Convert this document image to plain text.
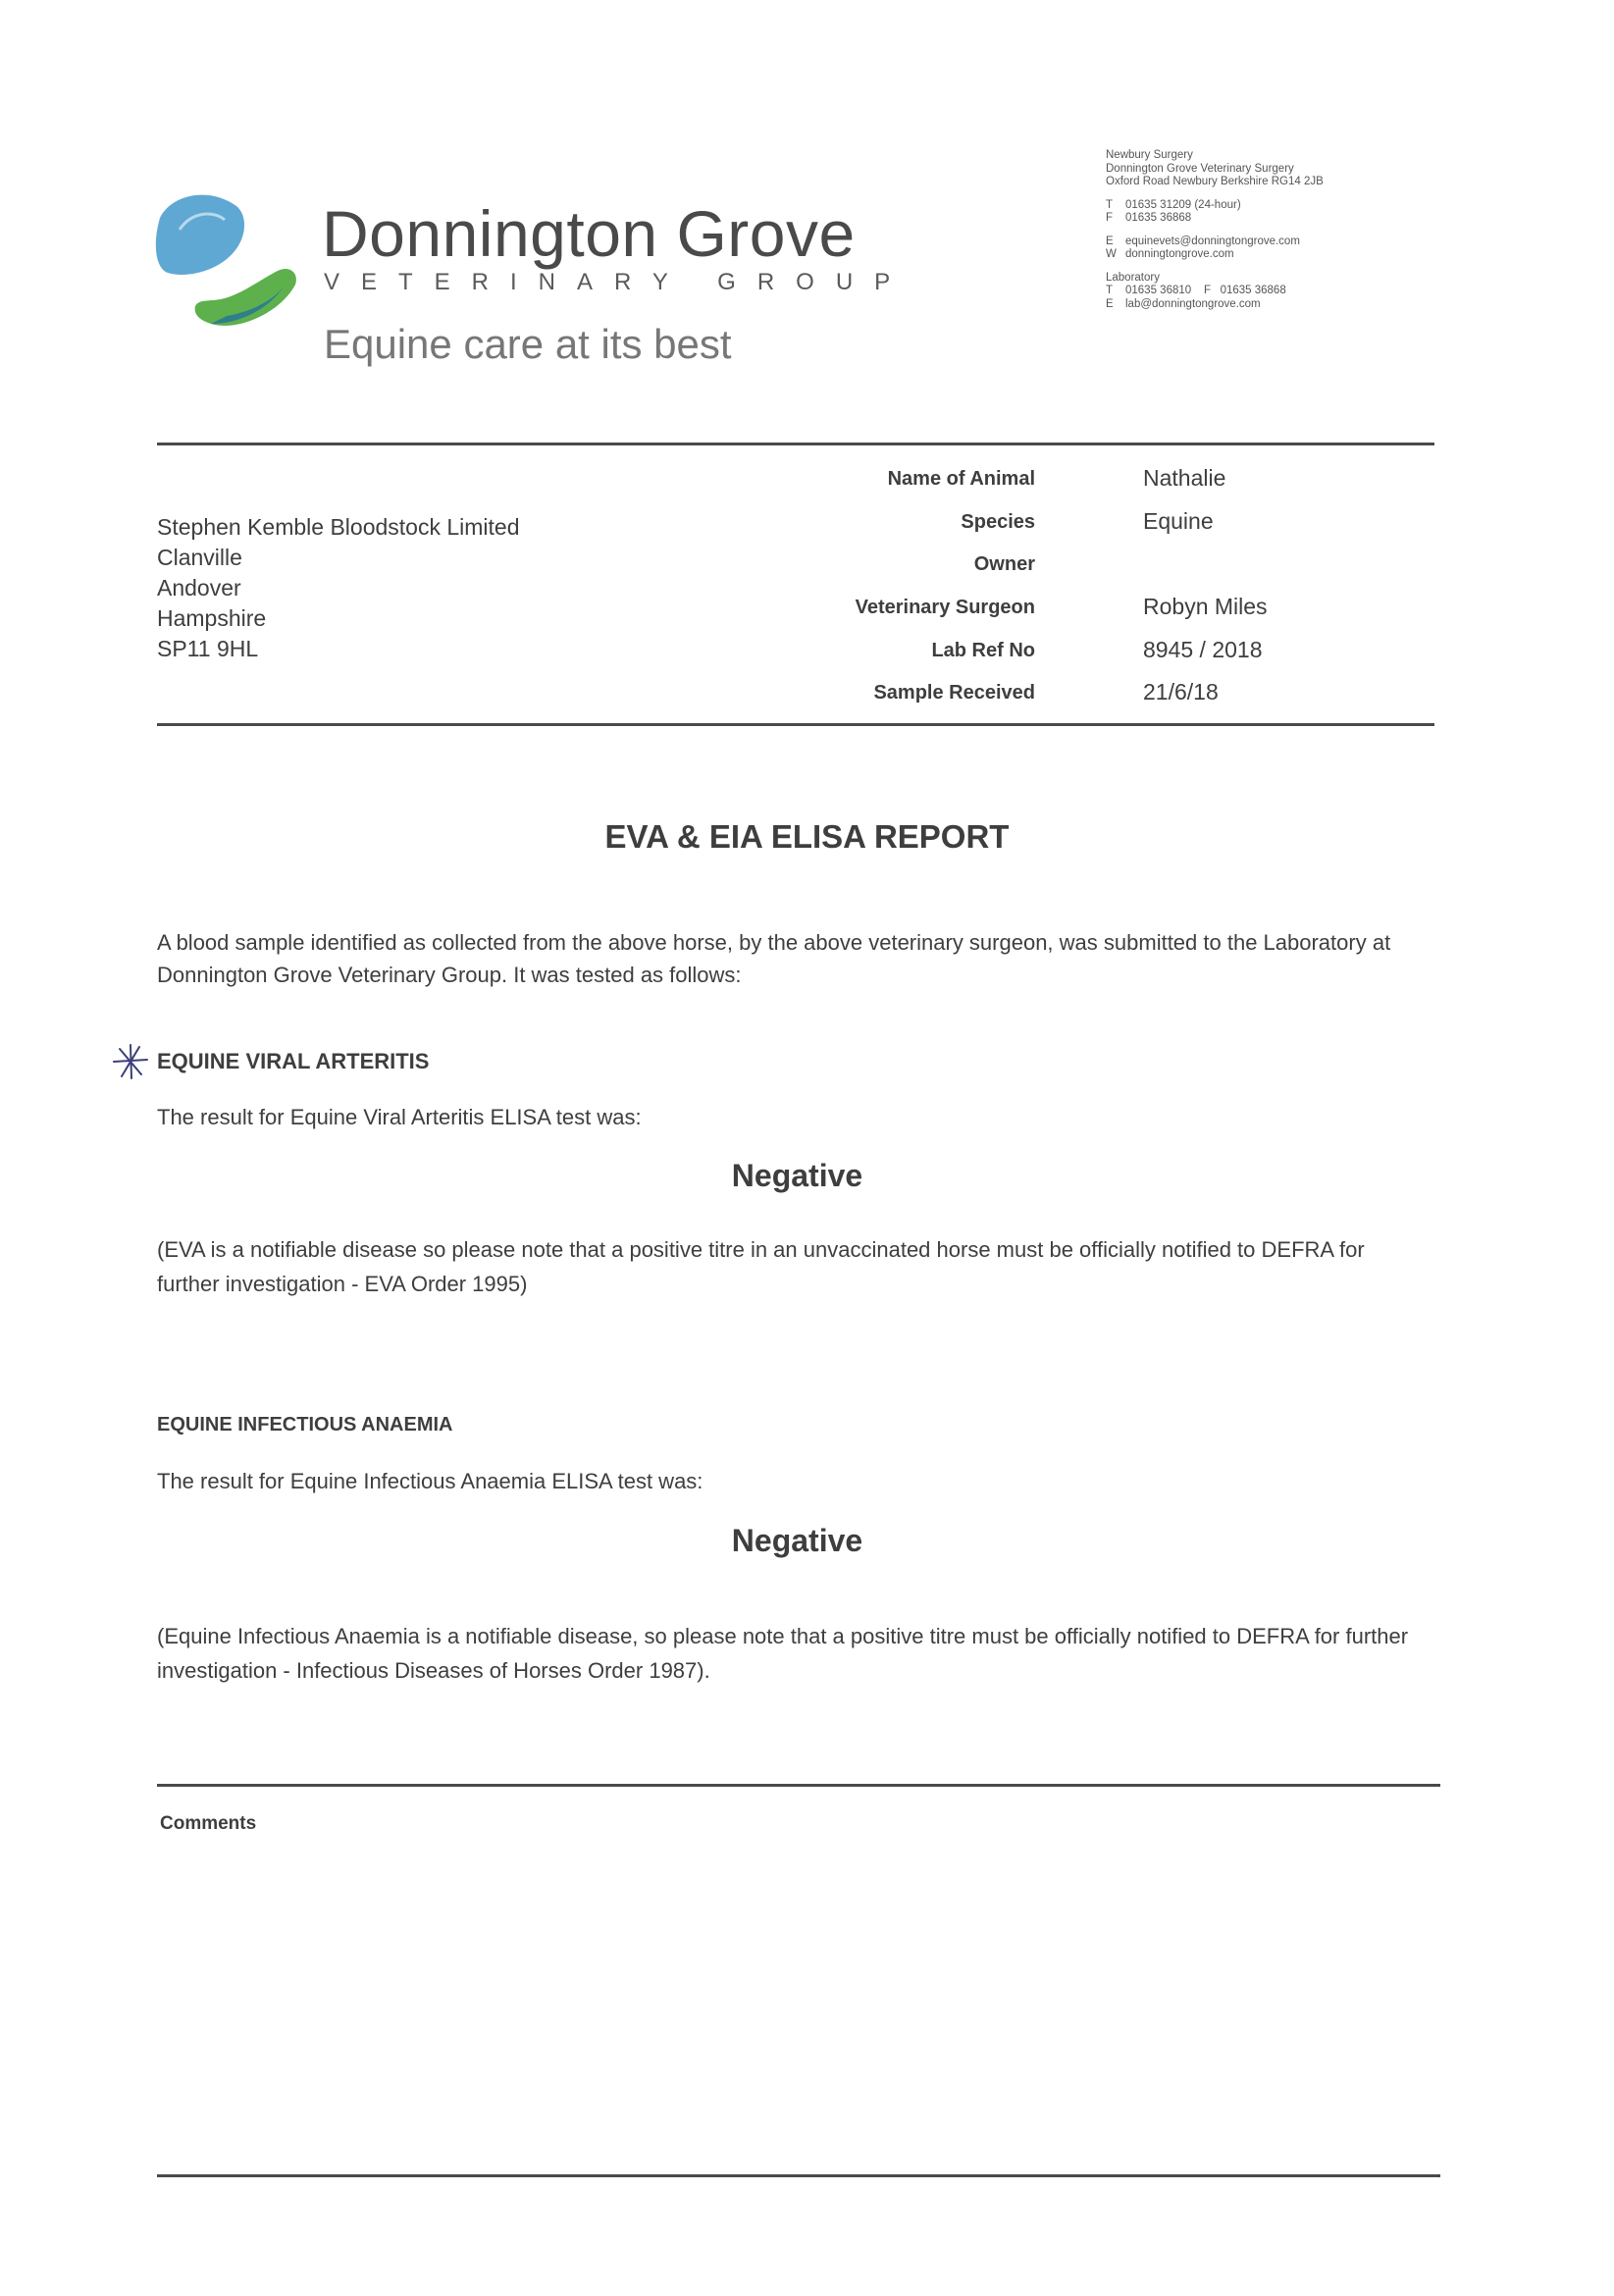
Donnington Grove
VETERINARY GROUP
Equine care at its best
Newbury Surgery
Donnington Grove Veterinary Surgery
Oxford Road Newbury Berkshire RG14 2JB
T 01635 31209 (24-hour)
F 01635 36868
E equinevets@donningtongrove.com
W donningtongrove.com
Laboratory
T 01635 36810 F 01635 36868
E lab@donningtongrove.com
Stephen Kemble Bloodstock Limited
Clanville
Andover
Hampshire
SP11 9HL
Name of Animal	Nathalie
Species	Equine
Owner
Veterinary Surgeon	Robyn Miles
Lab Ref No	8945 / 2018
Sample Received	21/6/18
EVA & EIA ELISA REPORT
A blood sample identified as collected from the above horse, by the above veterinary surgeon, was submitted to the Laboratory at Donnington Grove Veterinary Group. It was tested as follows:
EQUINE VIRAL ARTERITIS
The result for Equine Viral Arteritis ELISA test was:
Negative
(EVA is a notifiable disease so please note that a positive titre in an unvaccinated horse must be officially notified to DEFRA for further investigation - EVA Order 1995)
EQUINE INFECTIOUS ANAEMIA
The result for Equine Infectious Anaemia ELISA test was:
Negative
(Equine Infectious Anaemia is a notifiable disease, so please note that a positive titre must be officially notified to DEFRA for further investigation - Infectious Diseases of Horses Order 1987).
Comments
